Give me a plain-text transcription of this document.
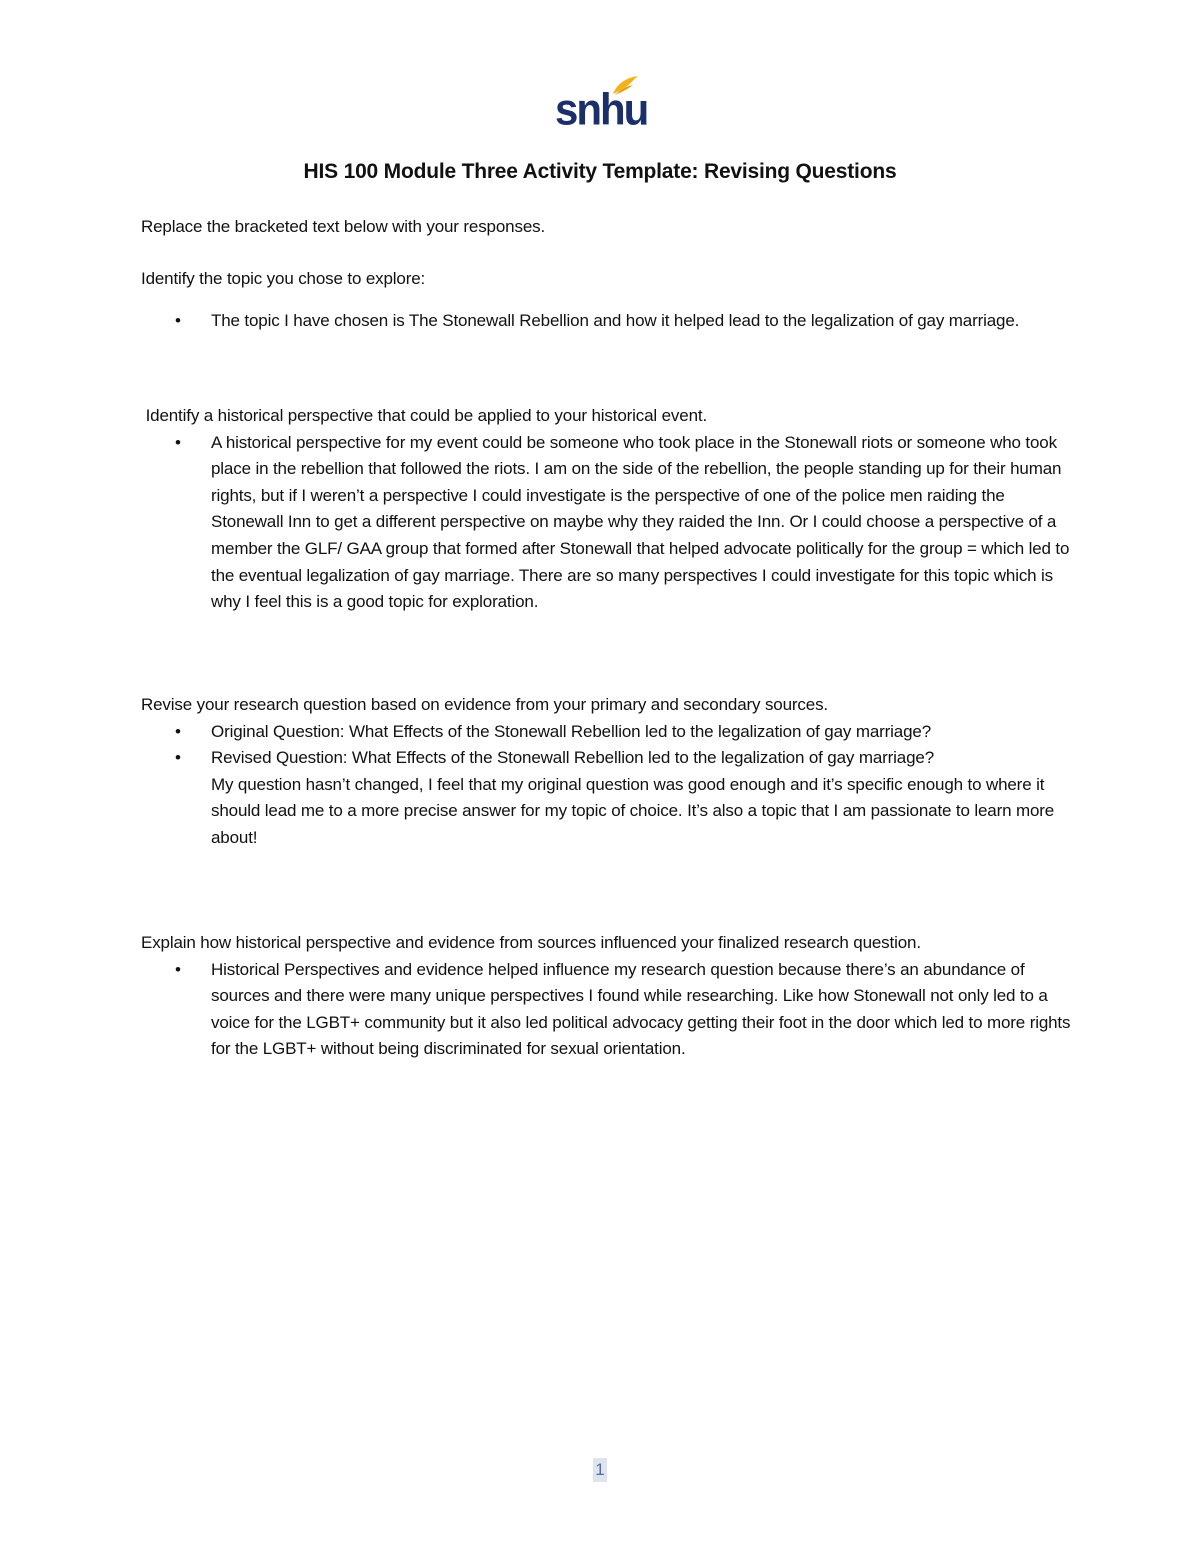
snhu
HIS 100 Module Three Activity Template: Revising Questions

Replace the bracketed text below with your responses.

Identify the topic you chose to explore:

• The topic I have chosen is The Stonewall Rebellion and how it helped lead to the legalization of gay marriage.

Identify a historical perspective that could be applied to your historical event.

• A historical perspective for my event could be someone who took place in the Stonewall riots or someone who took place in the rebellion that followed the riots. I am on the side of the rebellion, the people standing up for their human rights, but if I weren’t a perspective I could investigate is the perspective of one of the police men raiding the Stonewall Inn to get a different perspective on maybe why they raided the Inn. Or I could choose a perspective of a member the GLF/ GAA group that formed after Stonewall that helped advocate politically for the group = which led to the eventual legalization of gay marriage. There are so many perspectives I could investigate for this topic which is why I feel this is a good topic for exploration.

Revise your research question based on evidence from your primary and secondary sources.

• Original Question: What Effects of the Stonewall Rebellion led to the legalization of gay marriage?
• Revised Question: What Effects of the Stonewall Rebellion led to the legalization of gay marriage?
My question hasn’t changed, I feel that my original question was good enough and it’s specific enough to where it should lead me to a more precise answer for my topic of choice. It’s also a topic that I am passionate to learn more about!

Explain how historical perspective and evidence from sources influenced your finalized research question.

• Historical Perspectives and evidence helped influence my research question because there’s an abundance of sources and there were many unique perspectives I found while researching. Like how Stonewall not only led to a voice for the LGBT+ community but it also led political advocacy getting their foot in the door which led to more rights for the LGBT+ without being discriminated for sexual orientation.
1
